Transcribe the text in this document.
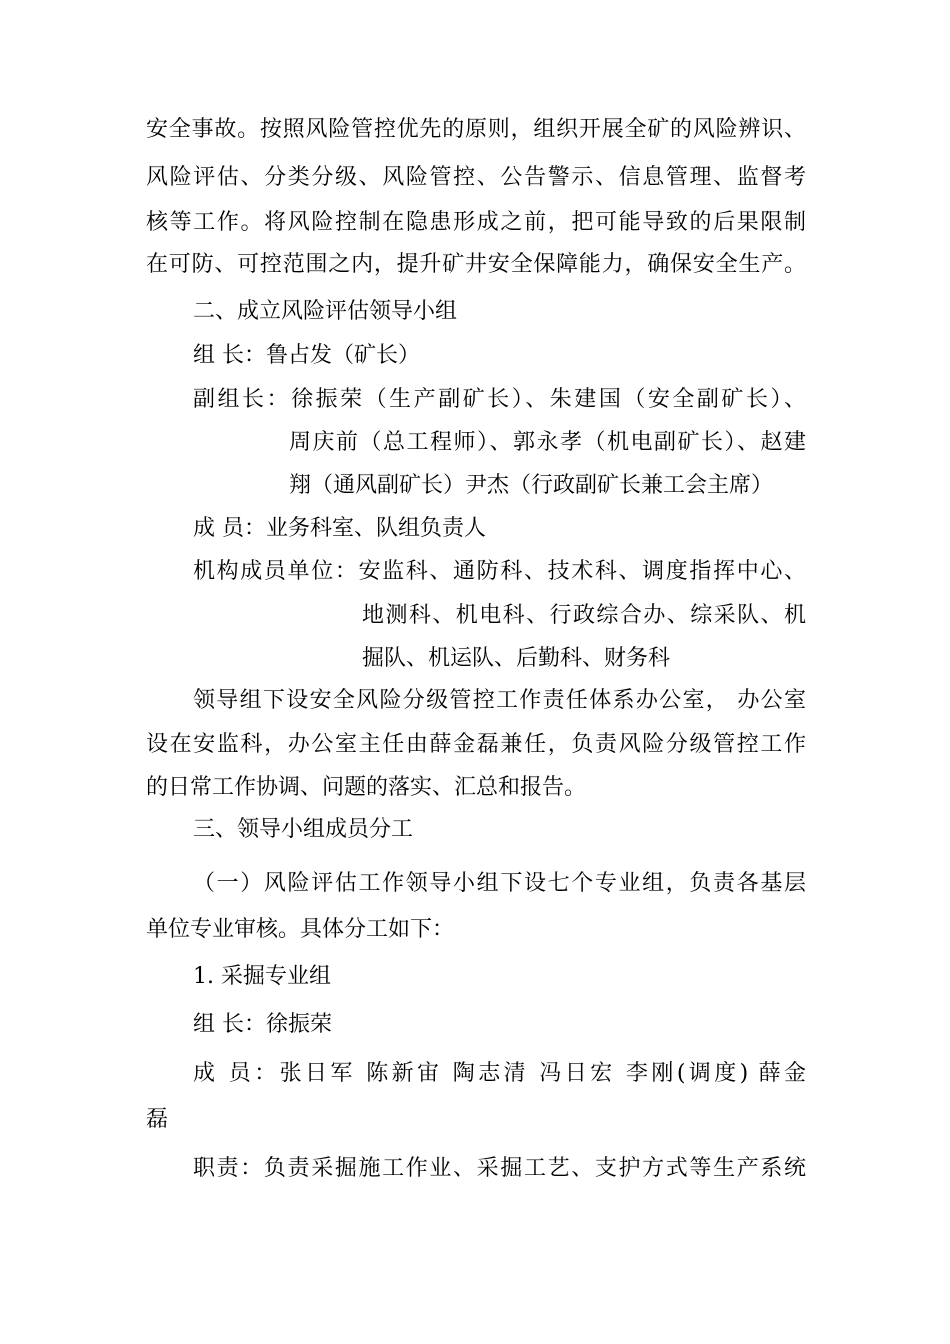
安全事故。按照风险管控优先的原则，组织开展全矿的风险辨识、
风险评估、分类分级、风险管控、公告警示、信息管理、监督考
核等工作。将风险控制在隐患形成之前，把可能导致的后果限制
在可防、可控范围之内，提升矿井安全保障能力，确保安全生产。
二、成立风险评估领导小组
组 长：鲁占发（矿长）
副组长：徐振荣（生产副矿长）、朱建国（安全副矿长）、
周庆前（总工程师）、郭永孝（机电副矿长）、赵建
翔（通风副矿长）尹杰（行政副矿长兼工会主席）
成 员：业务科室、队组负责人
机构成员单位：安监科、通防科、技术科、调度指挥中心、
地测科、机电科、行政综合办、综采队、机
掘队、机运队、后勤科、财务科
领导组下设安全风险分级管控工作责任体系办公室， 办公室
设在安监科，办公室主任由薛金磊兼任，负责风险分级管控工作
的日常工作协调、问题的落实、汇总和报告。
三、领导小组成员分工
（一）风险评估工作领导小组下设七个专业组，负责各基层
单位专业审核。具体分工如下：
1. 采掘专业组
组 长：徐振荣
成 员：张日军 陈新宙 陶志清 冯日宏 李刚(调度) 薛金
磊
职责：负责采掘施工作业、采掘工艺、支护方式等生产系统
